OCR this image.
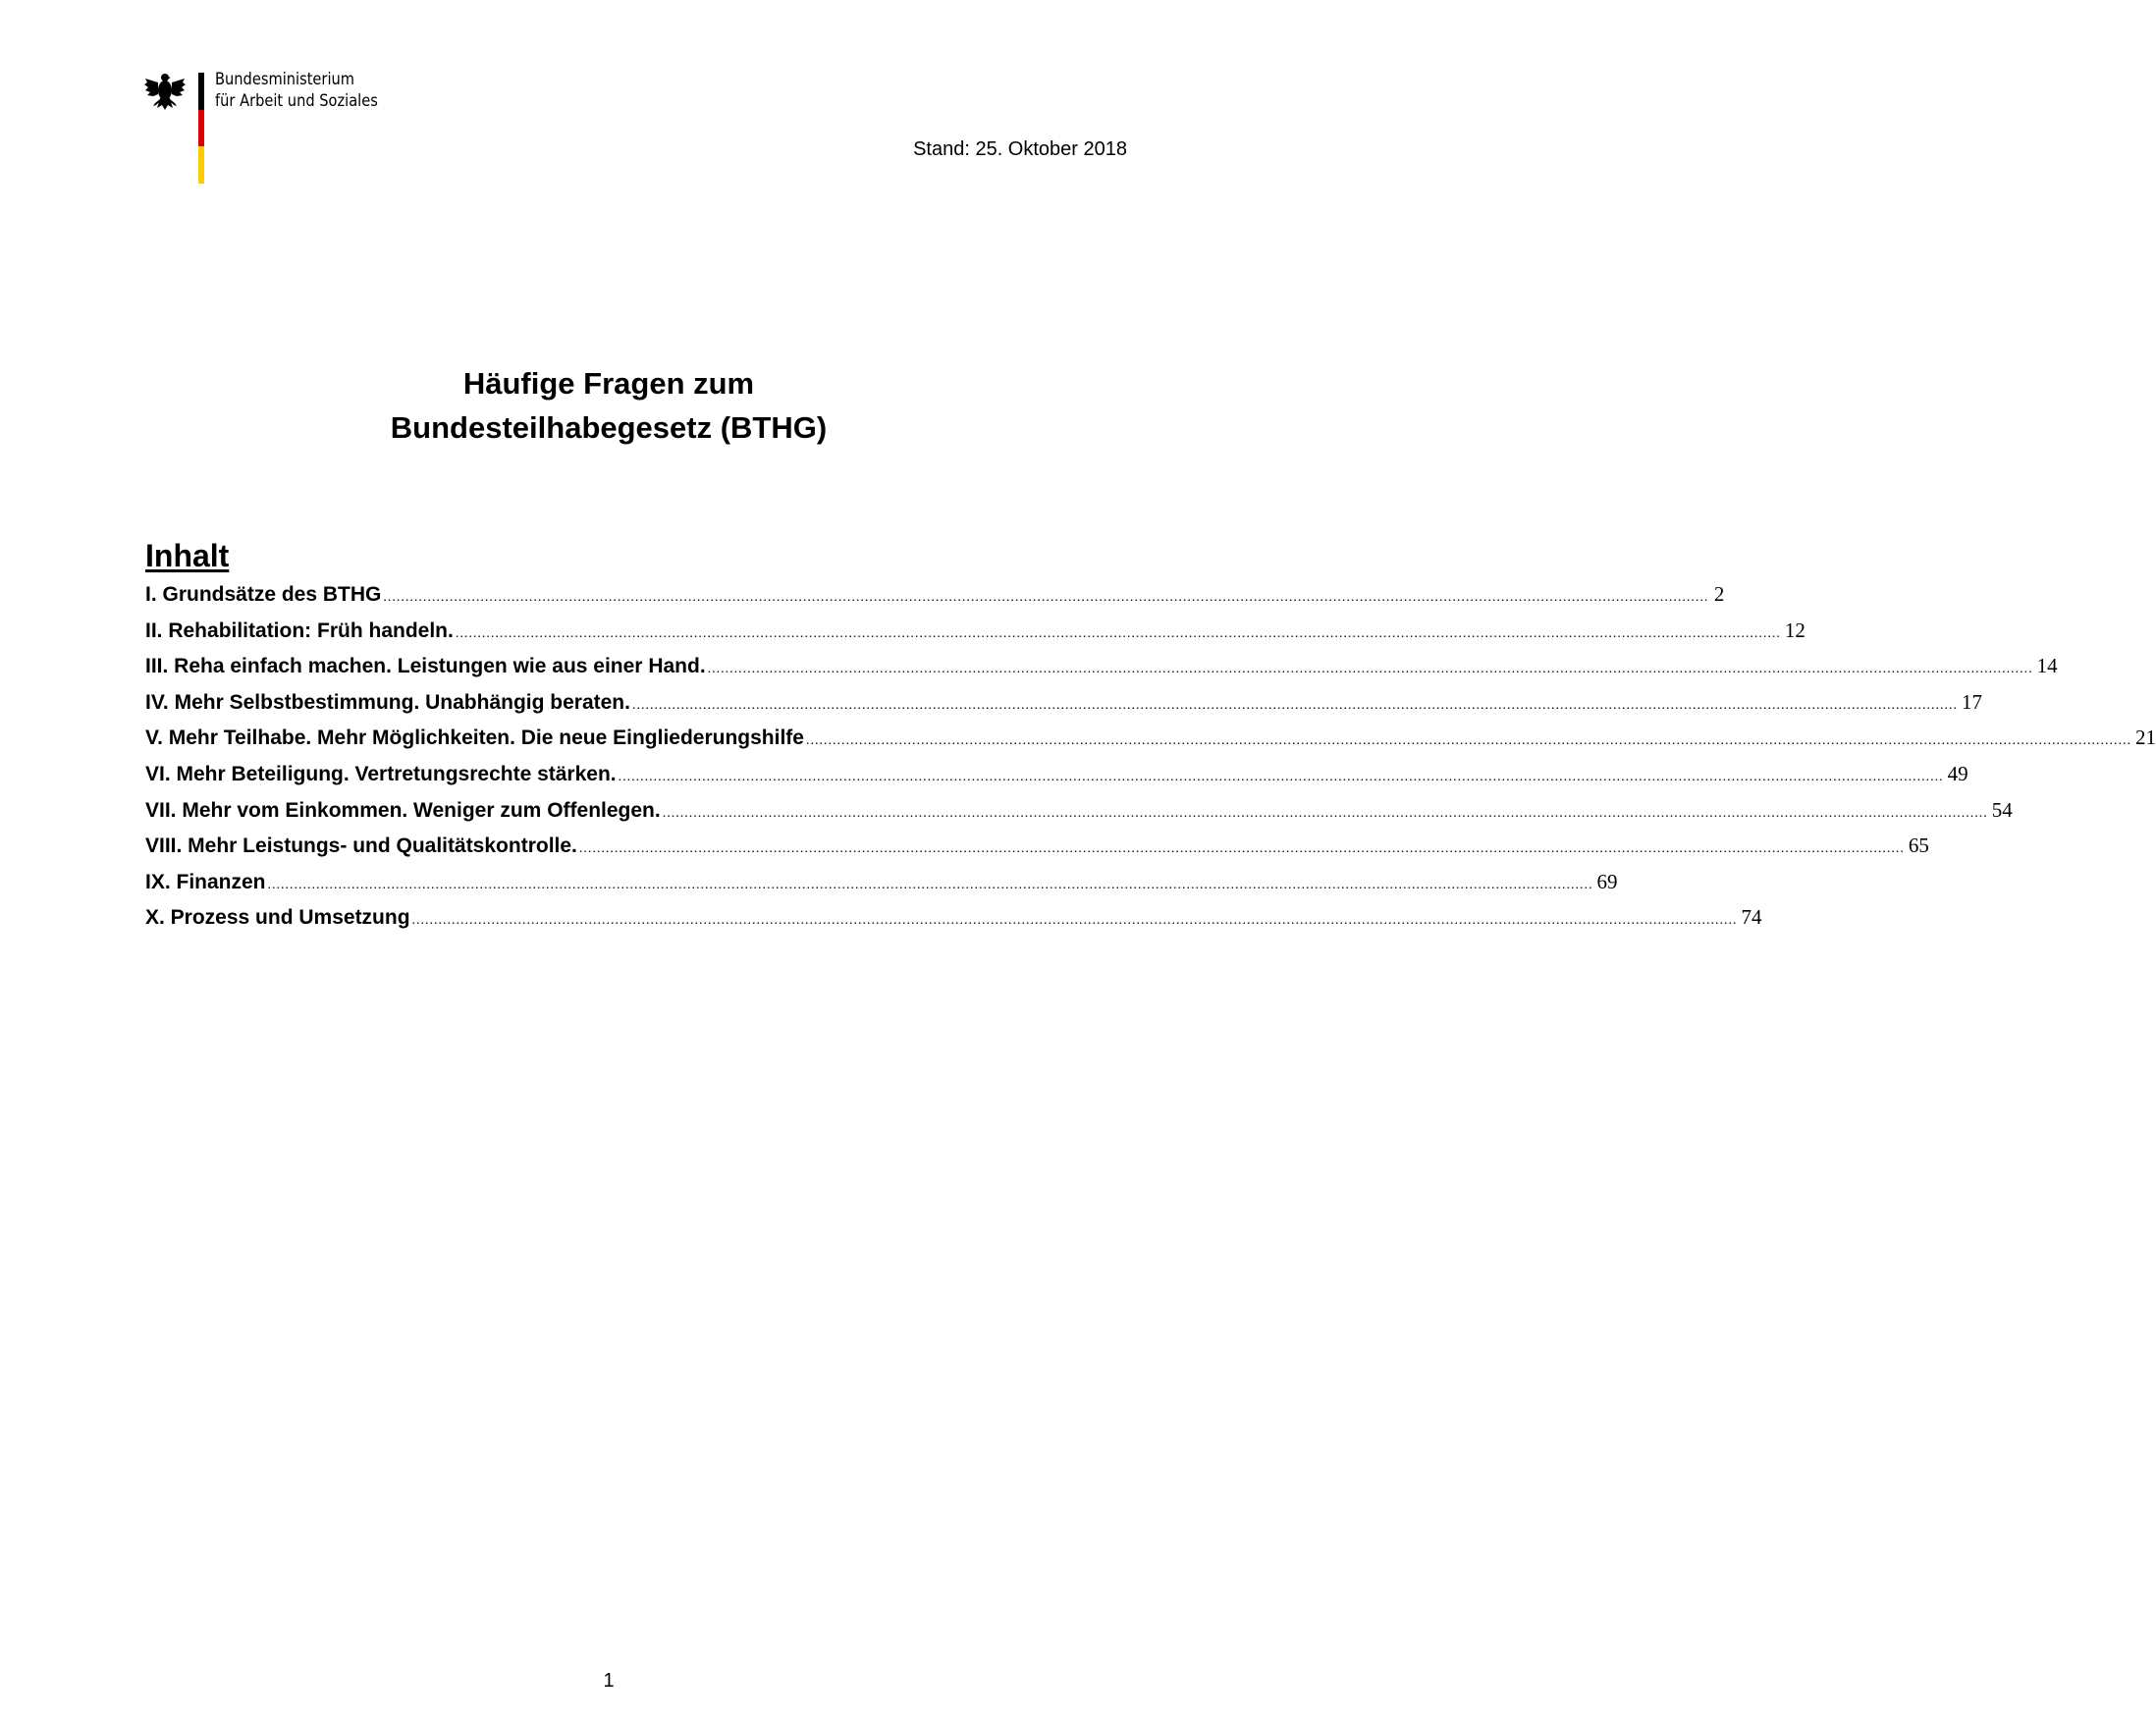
Bundesministerium
für Arbeit und Soziales
Stand: 25. Oktober 2018
Häufige Fragen zum
Bundesteilhabegesetz (BTHG)
Inhalt
I. Grundsätze des BTHG ............................................................................................................................................................................................................................................................................................................ 2
II. Rehabilitation: Früh handeln. ............................................................................................................................................................................................................................................................................................................ 12
III. Reha einfach machen. Leistungen wie aus einer Hand. ............................................................................................................................................................................................................................................................................................................ 14
IV. Mehr Selbstbestimmung. Unabhängig beraten. ............................................................................................................................................................................................................................................................................................................ 17
V. Mehr Teilhabe. Mehr Möglichkeiten. Die neue Eingliederungshilfe ............................................................................................................................................................................................................................................................................................................ 21
VI. Mehr Beteiligung. Vertretungsrechte stärken. ............................................................................................................................................................................................................................................................................................................ 49
VII. Mehr vom Einkommen. Weniger zum Offenlegen. ............................................................................................................................................................................................................................................................................................................ 54
VIII. Mehr Leistungs- und Qualitätskontrolle. ............................................................................................................................................................................................................................................................................................................ 65
IX. Finanzen ............................................................................................................................................................................................................................................................................................................ 69
X. Prozess und Umsetzung ............................................................................................................................................................................................................................................................................................................ 74
1
